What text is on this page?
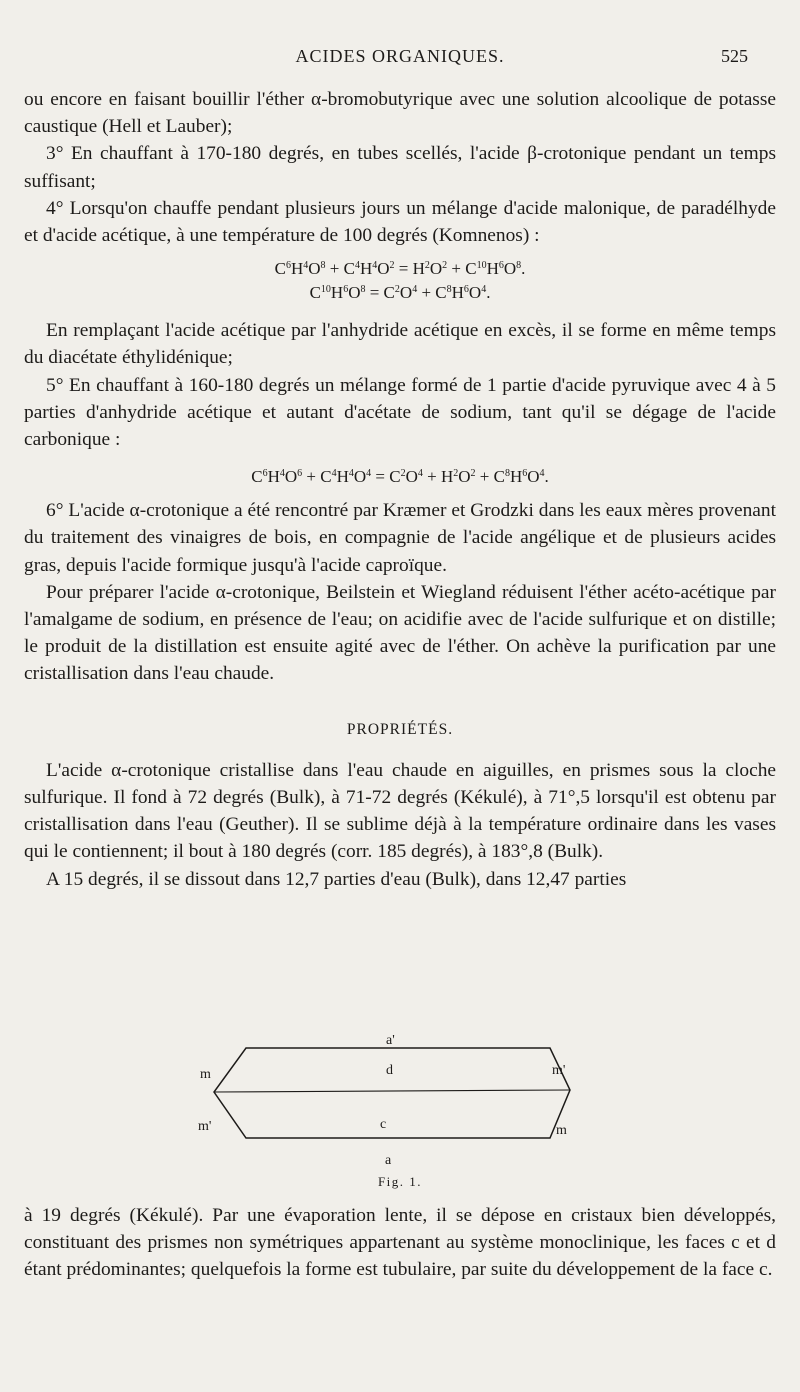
ACIDES ORGANIQUES.	525

ou encore en faisant bouillir l'éther α-bromobutyrique avec une solution alcoolique de potasse caustique (Hell et Lauber);

3° En chauffant à 170-180 degrés, en tubes scellés, l'acide β-crotonique pendant un temps suffisant;

4° Lorsqu'on chauffe pendant plusieurs jours un mélange d'acide malonique, de paradélhyde et d'acide acétique, à une température de 100 degrés (Komnenos) :

$C^6H^4O^8 + C^4H^4O^2 = H^2O^2 + C^{10}H^6O^8$.

$C^{10}H^6O^8 = C^2O^4 + C^8H^6O^4$.

En remplaçant l'acide acétique par l'anhydride acétique en excès, il se forme en même temps du diacétate éthylidénique;

5° En chauffant à 160-180 degrés un mélange formé de 1 partie d'acide pyruvique avec 4 à 5 parties d'anhydride acétique et autant d'acétate de sodium, tant qu'il se dégage de l'acide carbonique :

$C^6H^4O^6 + C^4H^4O^4 = C^2O^4 + H^2O^2 + C^8H^6O^4$.

6° L'acide α-crotonique a été rencontré par Kræmer et Grodzki dans les eaux mères provenant du traitement des vinaigres de bois, en compagnie de l'acide angélique et de plusieurs acides gras, depuis l'acide formique jusqu'à l'acide caproïque.

Pour préparer l'acide α-crotonique, Beilstein et Wiegland réduisent l'éther acéto-acétique par l'amalgame de sodium, en présence de l'eau; on acidifie avec de l'acide sulfurique et on distille; le produit de la distillation est ensuite agité avec de l'éther. On achève la purification par une cristallisation dans l'eau chaude.

PROPRIÉTÉS.

L'acide α-crotonique cristallise dans l'eau chaude en aiguilles, en prismes sous la cloche sulfurique. Il fond à 72 degrés (Bulk), à 71-72 degrés (Kékulé), à 71°,5 lorsqu'il est obtenu par cristallisation dans l'eau (Geuther). Il se sublime déjà à la température ordinaire dans les vases qui le contiennent; il bout à 180 degrés (corr. 185 degrés), à 183°,8 (Bulk).

A 15 degrés, il se dissout dans 12,7 parties d'eau (Bulk), dans 12,47 parties

a'
d
m	m'
m'	m
c
a
Fig. 1.

à 19 degrés (Kékulé). Par une évaporation lente, il se dépose en cristaux bien développés, constituant des prismes non symétriques appartenant au système monoclinique, les faces c et d étant prédominantes; quelquefois la forme est tubulaire, par suite du développement de la face c.
